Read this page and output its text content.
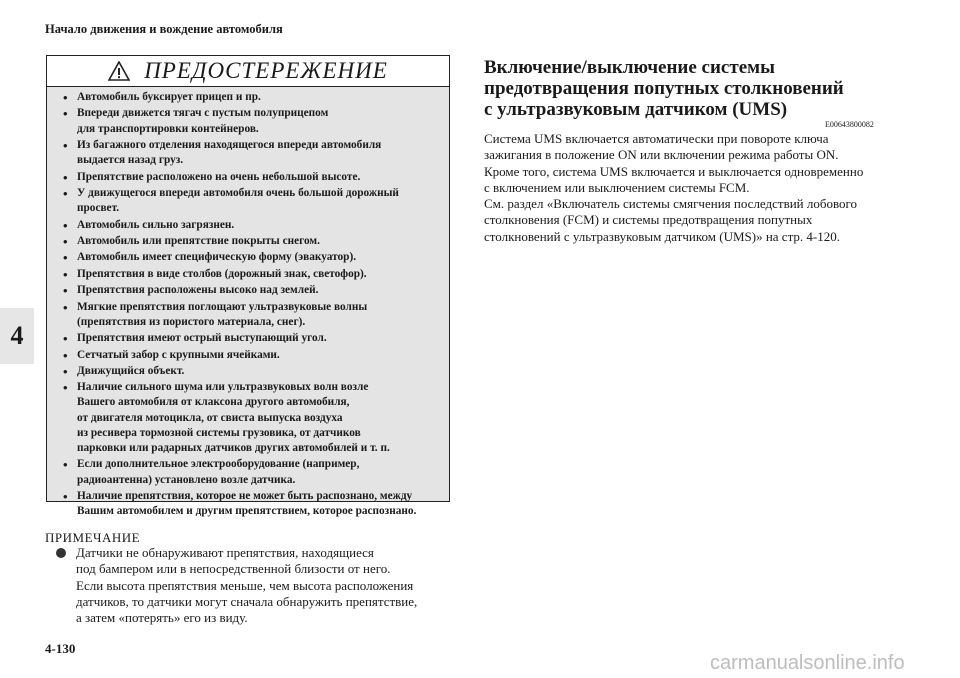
Начало движения и вождение автомобиля
4
ПРЕДОСТЕРЕЖЕНИЕ
• Автомобиль буксирует прицеп и пр.
• Впереди движется тягач с пустым полуприцепом
для транспортировки контейнеров.
• Из багажного отделения находящегося впереди автомобиля
выдается назад груз.
• Препятствие расположено на очень небольшой высоте.
• У движущегося впереди автомобиля очень большой дорожный
просвет.
• Автомобиль сильно загрязнен.
• Автомобиль или препятствие покрыты снегом.
• Автомобиль имеет специфическую форму (эвакуатор).
• Препятствия в виде столбов (дорожный знак, светофор).
• Препятствия расположены высоко над землей.
• Мягкие препятствия поглощают ультразвуковые волны
(препятствия из пористого материала, снег).
• Препятствия имеют острый выступающий угол.
• Сетчатый забор с крупными ячейками.
• Движущийся объект.
• Наличие сильного шума или ультразвуковых волн возле
Вашего автомобиля от клаксона другого автомобиля,
от двигателя мотоцикла, от свиста выпуска воздуха
из ресивера тормозной системы грузовика, от датчиков
парковки или радарных датчиков других автомобилей и т. п.
• Если дополнительное электрооборудование (например,
радиоантенна) установлено возле датчика.
• Наличие препятствия, которое не может быть распознано, между
Вашим автомобилем и другим препятствием, которое распознано.
ПРИМЕЧАНИЕ
Датчики не обнаруживают препятствия, находящиеся
под бампером или в непосредственной близости от него.
Если высота препятствия меньше, чем высота расположения
датчиков, то датчики могут сначала обнаружить препятствие,
а затем «потерять» его из виду.
Включение/выключение системы
предотвращения попутных столкновений
с ультразвуковым датчиком (UMS)
E00643800082
Система UMS включается автоматически при повороте ключа
зажигания в положение ON или включении режима работы ON.
Кроме того, система UMS включается и выключается одновременно
с включением или выключением системы FCM.
См. раздел «Включатель системы смягчения последствий лобового
столкновения (FCM) и системы предотвращения попутных
столкновений с ультразвуковым датчиком (UMS)» на стр. 4-120.
4-130
carmanualsonline.info
